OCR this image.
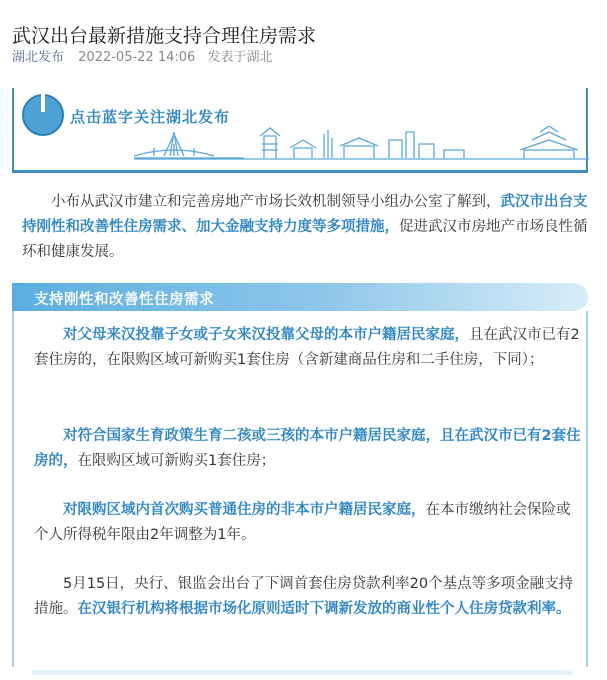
武汉出台最新措施支持合理住房需求
湖北发布 2022-05-22 14:06 发表于湖北
点击蓝字关注湖北发布

小布从武汉市建立和完善房地产市场长效机制领导小组办公室了解到，武汉市出台支持刚性和改善性住房需求、加大金融支持力度等多项措施，促进武汉市房地产市场良性循环和健康发展。

支持刚性和改善性住房需求

对父母来汉投靠子女或子女来汉投靠父母的本市户籍居民家庭，且在武汉市已有2套住房的，在限购区域可新购买1套住房（含新建商品住房和二手住房，下同）；

对符合国家生育政策生育二孩或三孩的本市户籍居民家庭，且在武汉市已有2套住房的，在限购区域可新购买1套住房；

对限购区域内首次购买普通住房的非本市户籍居民家庭，在本市缴纳社会保险或个人所得税年限由2年调整为1年。

5月15日，央行、银监会出台了下调首套住房贷款利率20个基点等多项金融支持措施。在汉银行机构将根据市场化原则适时下调新发放的商业性个人住房贷款利率。
